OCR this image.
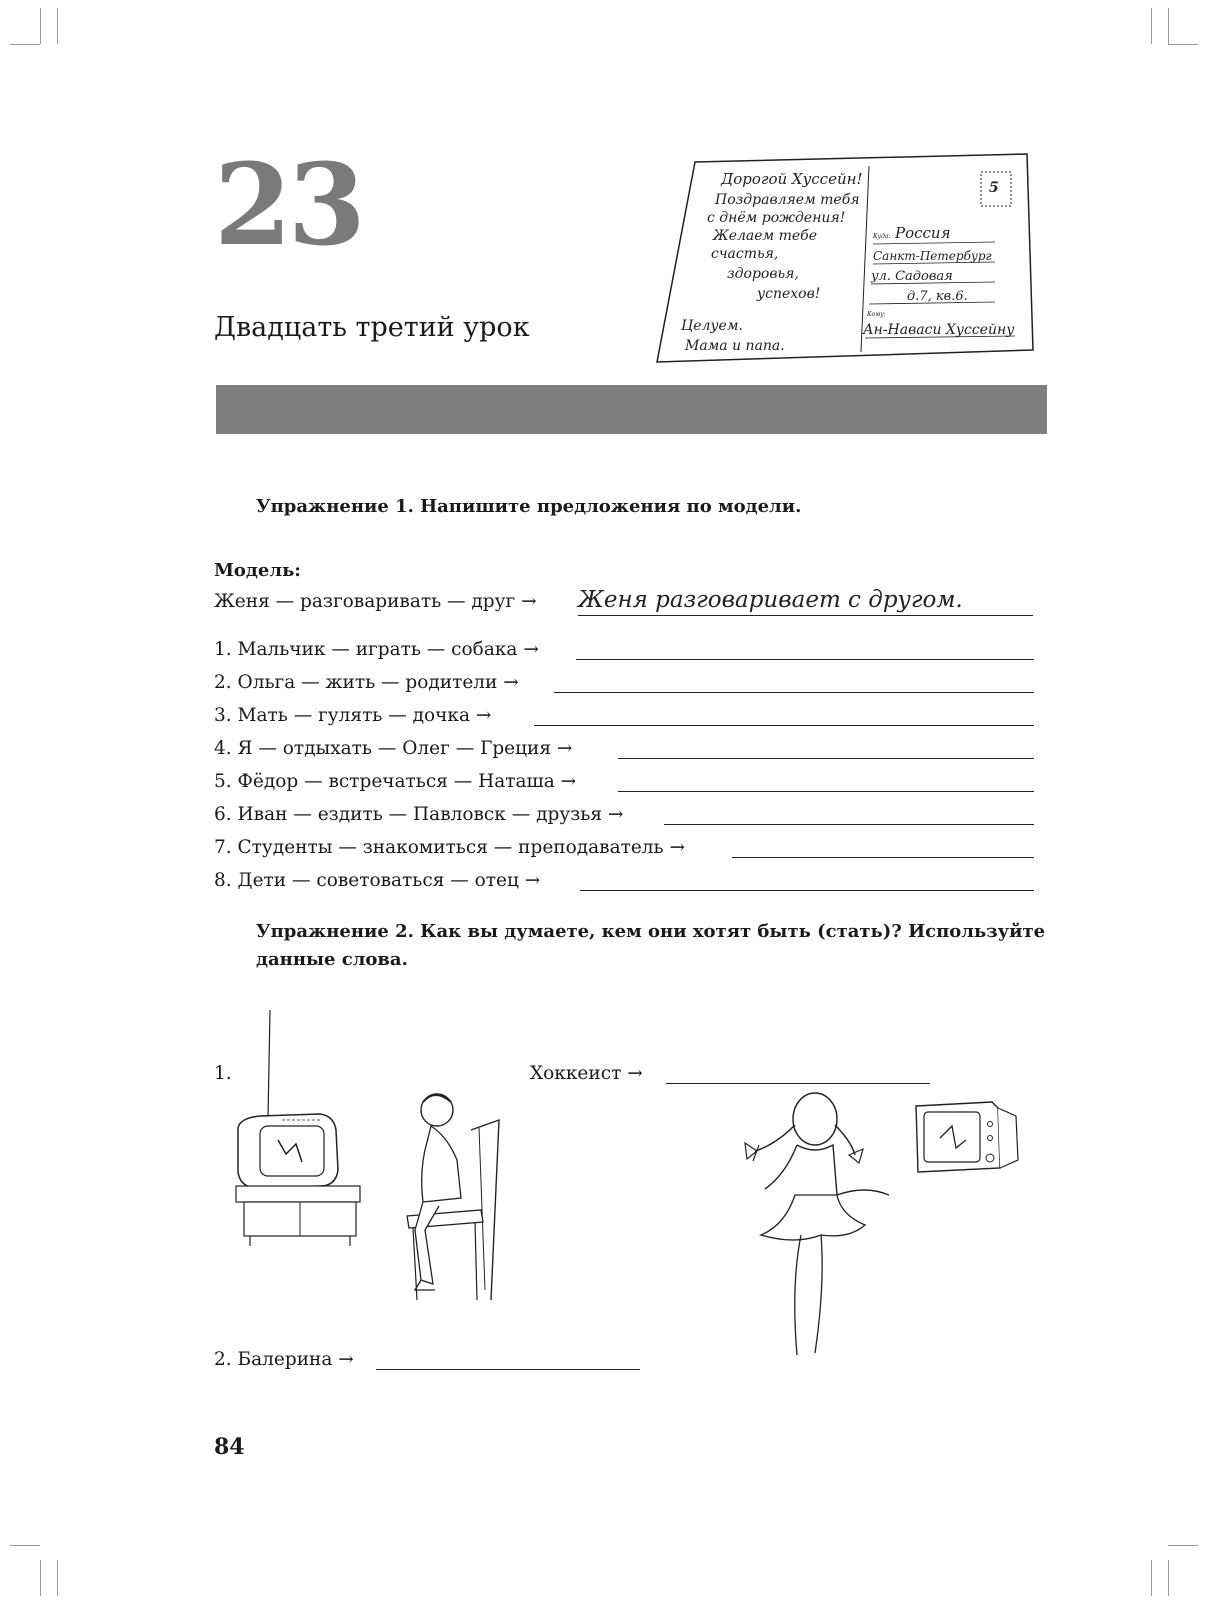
23
Двадцать третий урок
5
Дорогой Хуссейн!
Поздравляем тебя
с днём рождения!
Желаем тебе
счастья,
здоровья,
успехов!
Целуем.
Мама и папа.
Куда: Россия
Санкт-Петербург
ул. Садовая
д.7, кв.6.
Кому:
Ан-Наваси Хуссейну

Упражнение 1. Напишите предложения по модели.

Модель:
Женя — разговаривать — друг → Женя разговаривает с другом.
1. Мальчик — играть — собака →
2. Ольга — жить — родители →
3. Мать — гулять — дочка →
4. Я — отдыхать — Олег — Греция →
5. Фёдор — встречаться — Наташа →
6. Иван — ездить — Павловск — друзья →
7. Студенты — знакомиться — преподаватель →
8. Дети — советоваться — отец →

Упражнение 2. Как вы думаете, кем они хотят быть (стать)? Используйте
данные слова.

1.	Хоккеист →
2. Балерина →
84
